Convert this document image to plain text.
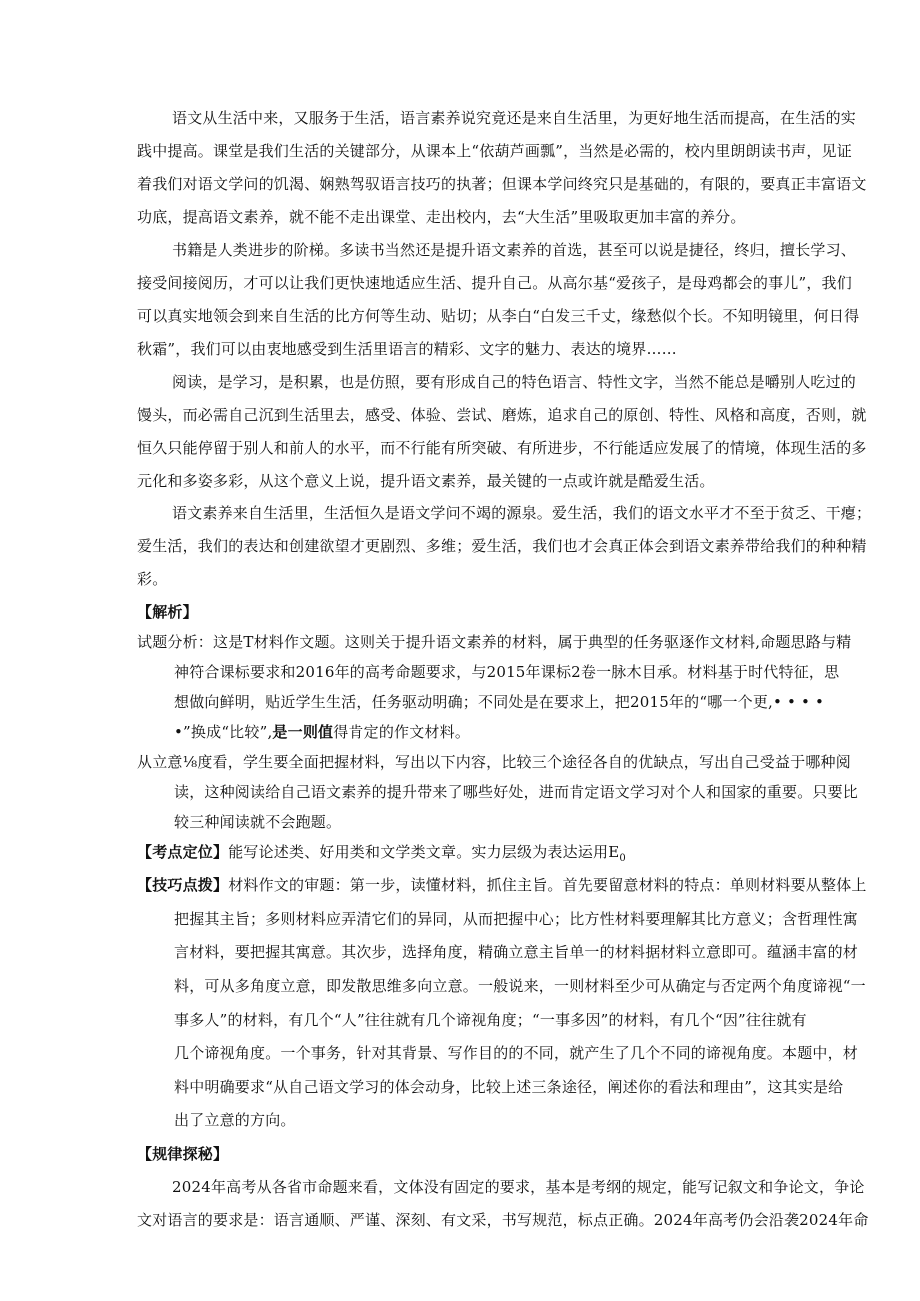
语文从生活中来，又服务于生活，语言素养说究竟还是来自生活里，为更好地生活而提高，在生活的实
践中提高。课堂是我们生活的关键部分，从课本上“依葫芦画瓢”，当然是必需的，校内里朗朗读书声，见证
着我们对语文学问的饥渴、娴熟驾驭语言技巧的执著；但课本学问终究只是基础的，有限的，要真正丰富语文
功底，提高语文素养，就不能不走出课堂、走出校内，去“大生活”里吸取更加丰富的养分。
书籍是人类进步的阶梯。多读书当然还是提升语文素养的首选，甚至可以说是捷径，终归，擅长学习、
接受间接阅历，才可以让我们更快速地适应生活、提升自己。从高尔基“爱孩子，是母鸡都会的事儿”，我们
可以真实地领会到来自生活的比方何等生动、贴切；从李白“白发三千丈，缘愁似个长。不知明镜里，何日得
秋霜”，我们可以由衷地感受到生活里语言的精彩、文字的魅力、表达的境界……
阅读，是学习，是积累，也是仿照，要有形成自己的特色语言、特性文字，当然不能总是嚼别人吃过的
馒头，而必需自己沉到生活里去，感受、体验、尝试、磨炼，追求自己的原创、特性、风格和高度，否则，就
恒久只能停留于别人和前人的水平，而不行能有所突破、有所进步，不行能适应发展了的情境，体现生活的多
元化和多姿多彩，从这个意义上说，提升语文素养，最关键的一点或许就是酷爱生活。
语文素养来自生活里，生活恒久是语文学问不竭的源泉。爱生活，我们的语文水平才不至于贫乏、干瘪；
爱生活，我们的表达和创建欲望才更剧烈、多维；爱生活，我们也才会真正体会到语文素养带给我们的种种精
彩。
【解析】
试题分析：这是T材料作文题。这则关于提升语文素养的材料，属于典型的任务驱逐作文材料,命题思路与精
神符合课标要求和2016年的高考命题要求，与2015年课标2卷一脉木目承。材料基于时代特征，思
想做向鲜明，贴近学生生活，任务驱动明确；不同处是在要求上，把2015年的“哪一个更,• • • •
•”换成“比较”,是一则值得肯定的作文材料。
从立意⅛度看，学生要全面把握材料，写出以下内容，比较三个途径各自的优缺点，写出自己受益于哪种阅
读，这种阅读给自己语文素养的提升带来了哪些好处，进而肯定语文学习对个人和国家的重要。只要比
较三种闻读就不会跑题。
【考点定位】能写论述类、好用类和文学类文章。实力层级为表达运用$E_0$
【技巧点拨】材料作文的审题：第一步，读懂材料，抓住主旨。首先要留意材料的特点：单则材料要从整体上
把握其主旨；多则材料应弄清它们的异同，从而把握中心；比方性材料要理解其比方意义；含哲理性寓
言材料，要把握其寓意。其次步，选择角度，精确立意主旨单一的材料据材料立意即可。蕴涵丰富的材
料，可从多角度立意，即发散思维多向立意。一般说来，一则材料至少可从确定与否定两个角度谛视“一
事多人”的材料，有几个“人”往往就有几个谛视角度；“一事多因”的材料，有几个“因”往往就有
几个谛视角度。一个事务，针对其背景、写作目的的不同，就产生了几个不同的谛视角度。本题中，材
料中明确要求“从自己语文学习的体会动身，比较上述三条途径，阐述你的看法和理由”，这其实是给
出了立意的方向。
【规律探秘】
2024年高考从各省市命题来看，文体没有固定的要求，基本是考纲的规定，能写记叙文和争论文，争论
文对语言的要求是：语言通顺、严谨、深刻、有文采，书写规范，标点正确。2024年高考仍会沿袭2024年命
